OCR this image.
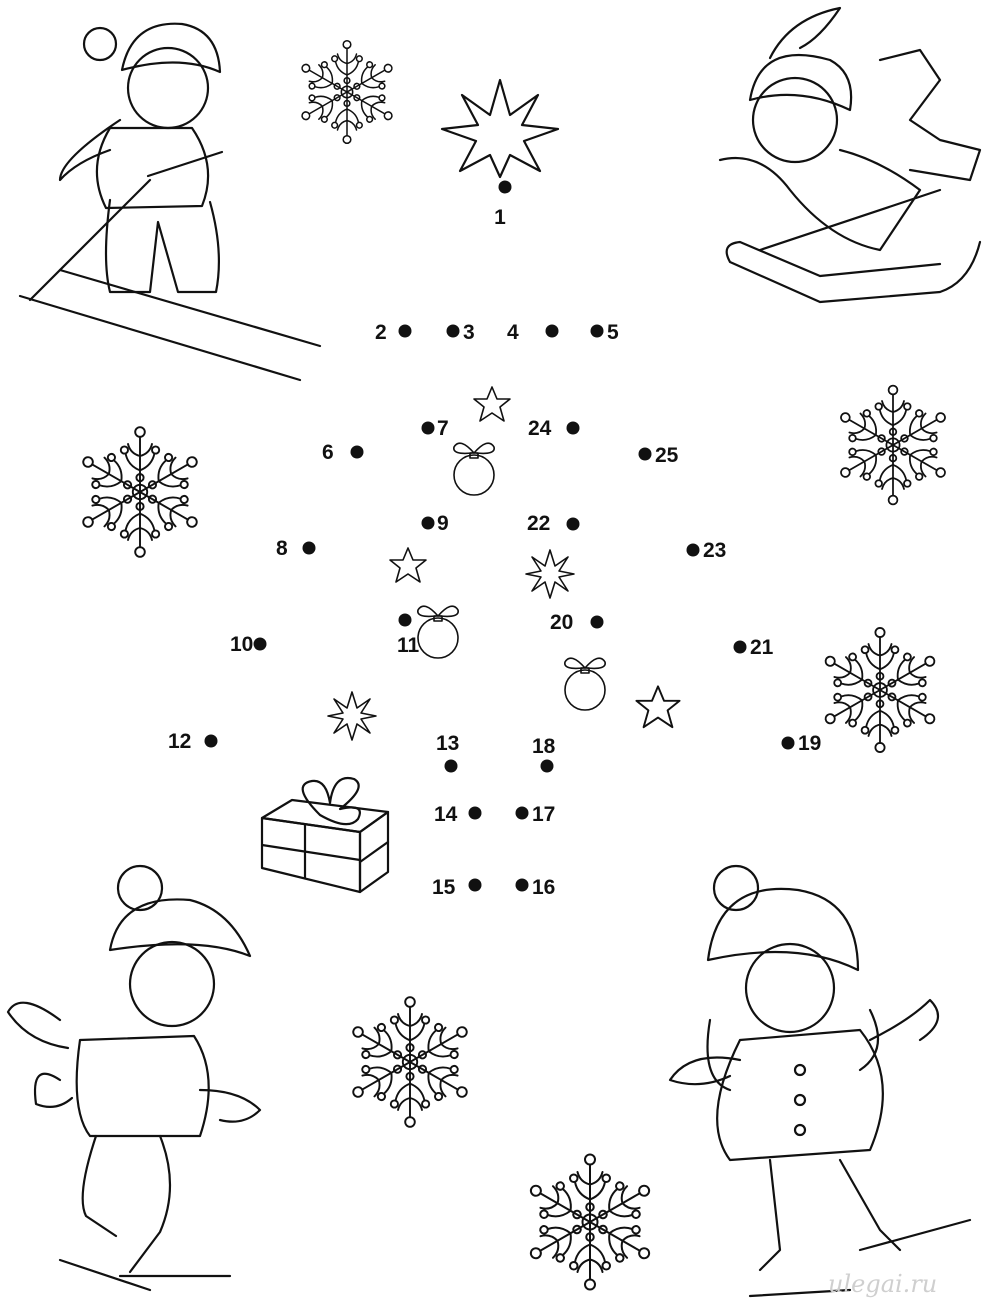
1
2	3 4	5
6
7
8
9
10	11
12	13
14
15	16
17
18	19
20
21
22
23
24
25
ulegai.ru
